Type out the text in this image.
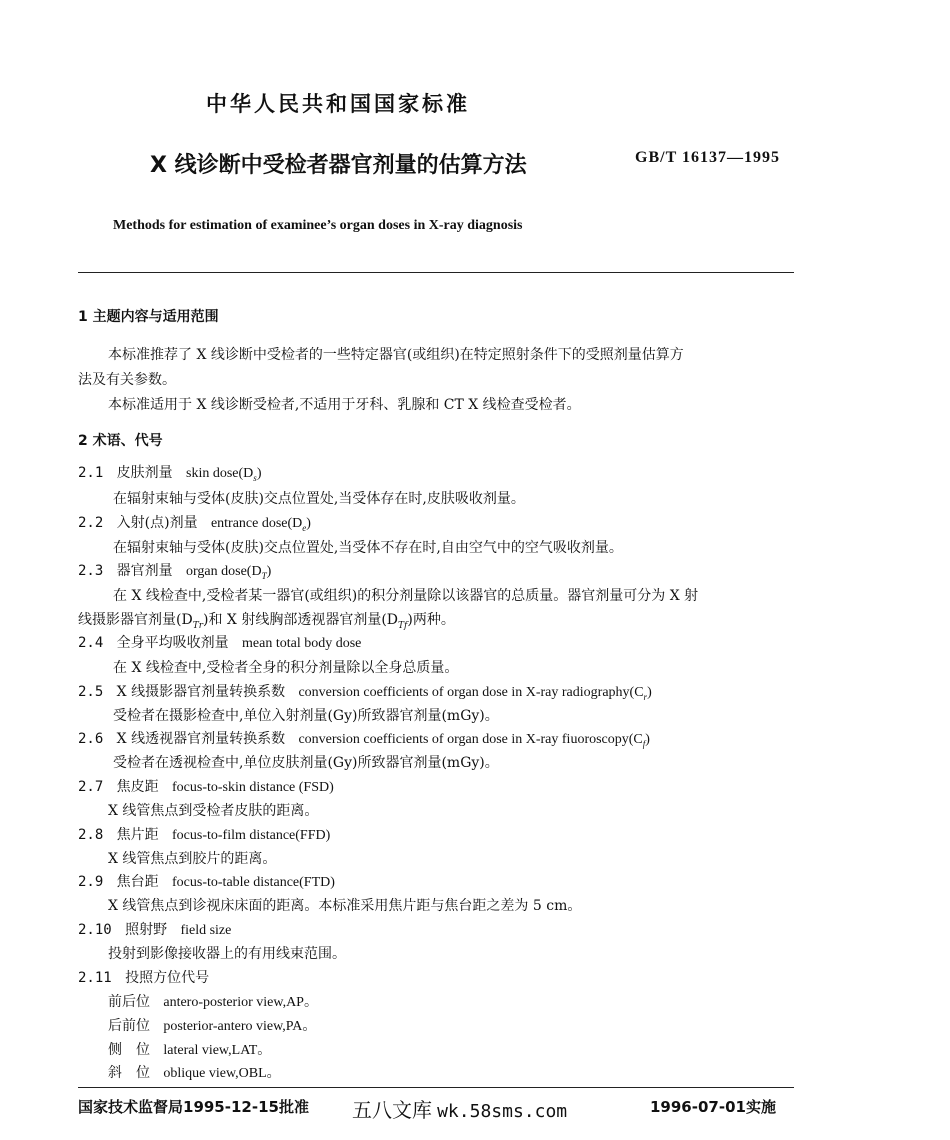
中华人民共和国国家标准
X 线诊断中受检者器官剂量的估算方法	GB/T 16137—1995
Methods for estimation of examinee’s organ doses in X-ray diagnosis
1 主题内容与适用范围
本标准推荐了 X 线诊断中受检者的一些特定器官(或组织)在特定照射条件下的受照剂量估算方
法及有关参数。
本标准适用于 X 线诊断受检者,不适用于牙科、乳腺和 CT X 线检查受检者。
2 术语、代号
2.1 皮肤剂量 skin $dose(D_s)$
在辐射束轴与受体(皮肤)交点位置处,当受体存在时,皮肤吸收剂量。
2.2 入射(点)剂量 entrance $dose(D_e)$
在辐射束轴与受体(皮肤)交点位置处,当受体不存在时,自由空气中的空气吸收剂量。
2.3 器官剂量 organ $dose(D_T)$
在 X 线检查中,受检者某一器官(或组织)的积分剂量除以该器官的总质量。器官剂量可分为 X 射
线摄影器官剂量$(D_{Tr})$和 X 射线胸部透视器官剂量$(D_{Tf})$两种。
2.4 全身平均吸收剂量 mean total body dose
在 X 线检查中,受检者全身的积分剂量除以全身总质量。
2.5 X 线摄影器官剂量转换系数 conversion coefficients of organ dose in X-ray $radiography(C_r)$
受检者在摄影检查中,单位入射剂量(Gy)所致器官剂量(mGy)。
2.6 X 线透视器官剂量转换系数 conversion coefficients of organ dose in X-ray $fiuoroscopy(C_f)$
受检者在透视检查中,单位皮肤剂量(Gy)所致器官剂量(mGy)。
2.7 焦皮距 focus-to-skin distance (FSD)
X 线管焦点到受检者皮肤的距离。
2.8 焦片距 focus-to-film distance(FFD)
X 线管焦点到胶片的距离。
2.9 焦台距 focus-to-table distance(FTD)
X 线管焦点到诊视床床面的距离。本标准采用焦片距与焦台距之差为 5 cm。
2.10 照射野 field size
投射到影像接收器上的有用线束范围。
2.11 投照方位代号
前后位 antero-posterior view,AP。
后前位 posterior-antero view,PA。
侧　位 lateral view,LAT。
斜　位 oblique view,OBL。
国家技术监督局1995-12-15批准 五八文库 wk.58sms.com	1996-07-01实施
